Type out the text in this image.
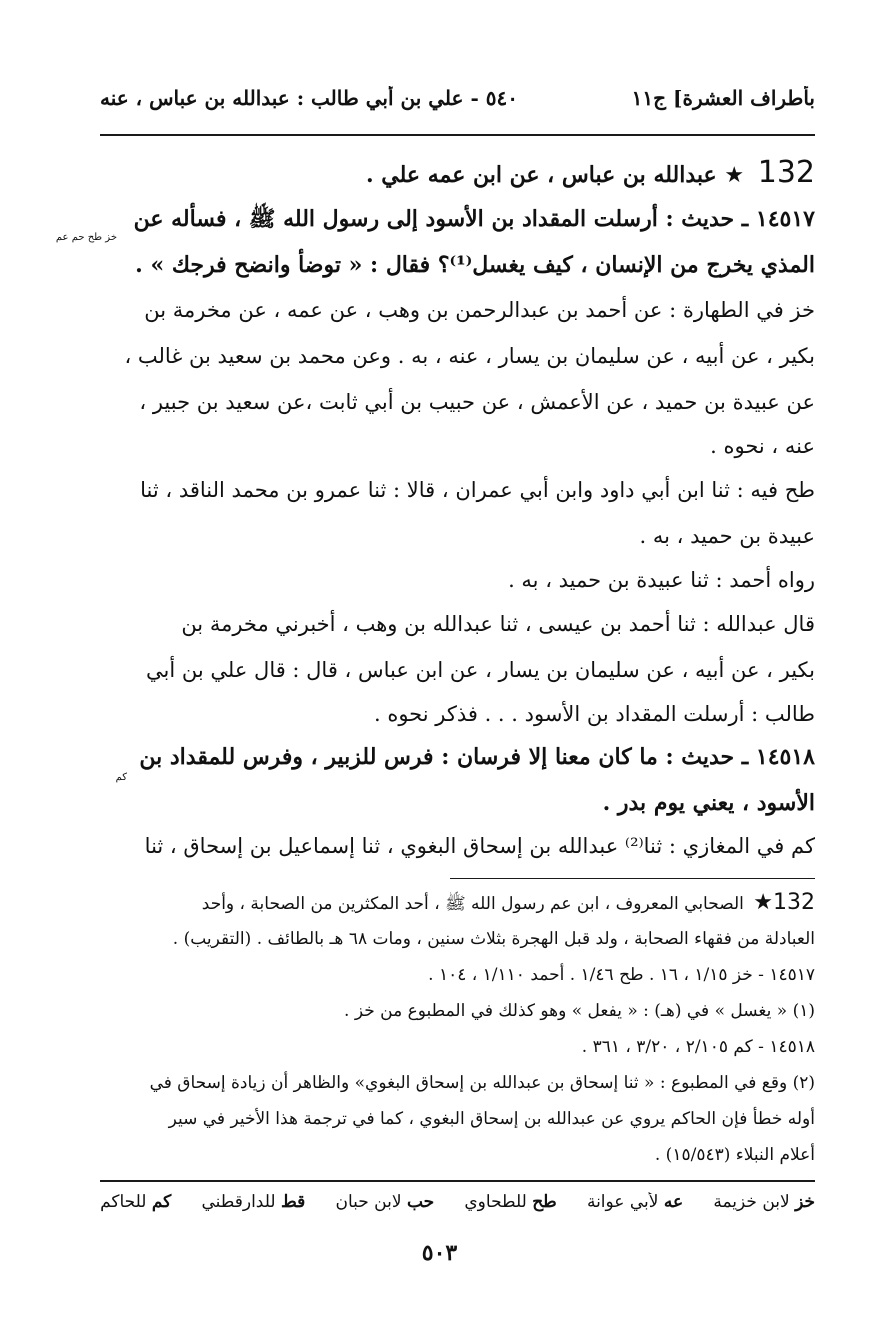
بأطراف العشرة] ج١١
٥٤٠ - علي بن أبي طالب : عبدالله بن عباس ، عنه
132 ★ عبدالله بن عباس ، عن ابن عمه علي .
١٤٥١٧ ـ حديث : أرسلت المقداد بن الأسود إلى رسول الله ﷺ ، فسأله عن
خز طح حم عم
المذي يخرج من الإنسان ، كيف يغسل⁽¹⁾؟ فقال : « توضأ وانضح فرجك » .
خز في الطهارة : عن أحمد بن عبدالرحمن بن وهب ، عن عمه ، عن مخرمة بن
بكير ، عن أبيه ، عن سليمان بن يسار ، عنه ، به . وعن محمد بن سعيد بن غالب ،
عن عبيدة بن حميد ، عن الأعمش ، عن حبيب بن أبي ثابت ،عن سعيد بن جبير ،
عنه ، نحوه .
طح فيه : ثنا ابن أبي داود وابن أبي عمران ، قالا : ثنا عمرو بن محمد الناقد ، ثنا
عبيدة بن حميد ، به .
رواه أحمد : ثنا عبيدة بن حميد ، به .
قال عبدالله : ثنا أحمد بن عيسى ، ثنا عبدالله بن وهب ، أخبرني مخرمة بن
بكير ، عن أبيه ، عن سليمان بن يسار ، عن ابن عباس ، قال : قال علي بن أبي
طالب : أرسلت المقداد بن الأسود . . . فذكر نحوه .
١٤٥١٨ ـ حديث : ما كان معنا إلا فرسان : فرس للزبير ، وفرس للمقداد بن
كم
الأسود ، يعني يوم بدر .
كم في المغازي : ثنا⁽²⁾ عبدالله بن إسحاق البغوي ، ثنا إسماعيل بن إسحاق ، ثنا
132★ الصحابي المعروف ، ابن عم رسول الله ﷺ ، أحد المكثرين من الصحابة ، وأحد
العبادلة من فقهاء الصحابة ، ولد قبل الهجرة بثلاث سنين ، ومات ٦٨ هـ بالطائف . (التقريب) .
١٤٥١٧ - خز ١/١٥ ، ١٦ . طح ١/٤٦ . أحمد ١/١١٠ ، ١٠٤ .
(١) « يغسل » في (هـ) : « يفعل » وهو كذلك في المطبوع من خز .
١٤٥١٨ - كم ٢/١٠٥ ، ٣/٢٠ ، ٣٦١ .
(٢) وقع في المطبوع : « ثنا إسحاق بن عبدالله بن إسحاق البغوي» والظاهر أن زيادة إسحاق في
أوله خطأ فإن الحاكم يروي عن عبدالله بن إسحاق البغوي ، كما في ترجمة هذا الأخير في سير
أعلام النبلاء (١٥/٥٤٣) .
خز لابن خزيمة
عه لأبي عوانة
طح للطحاوي
حب لابن حبان
قط للدارقطني
كم للحاكم
٥٠٣
